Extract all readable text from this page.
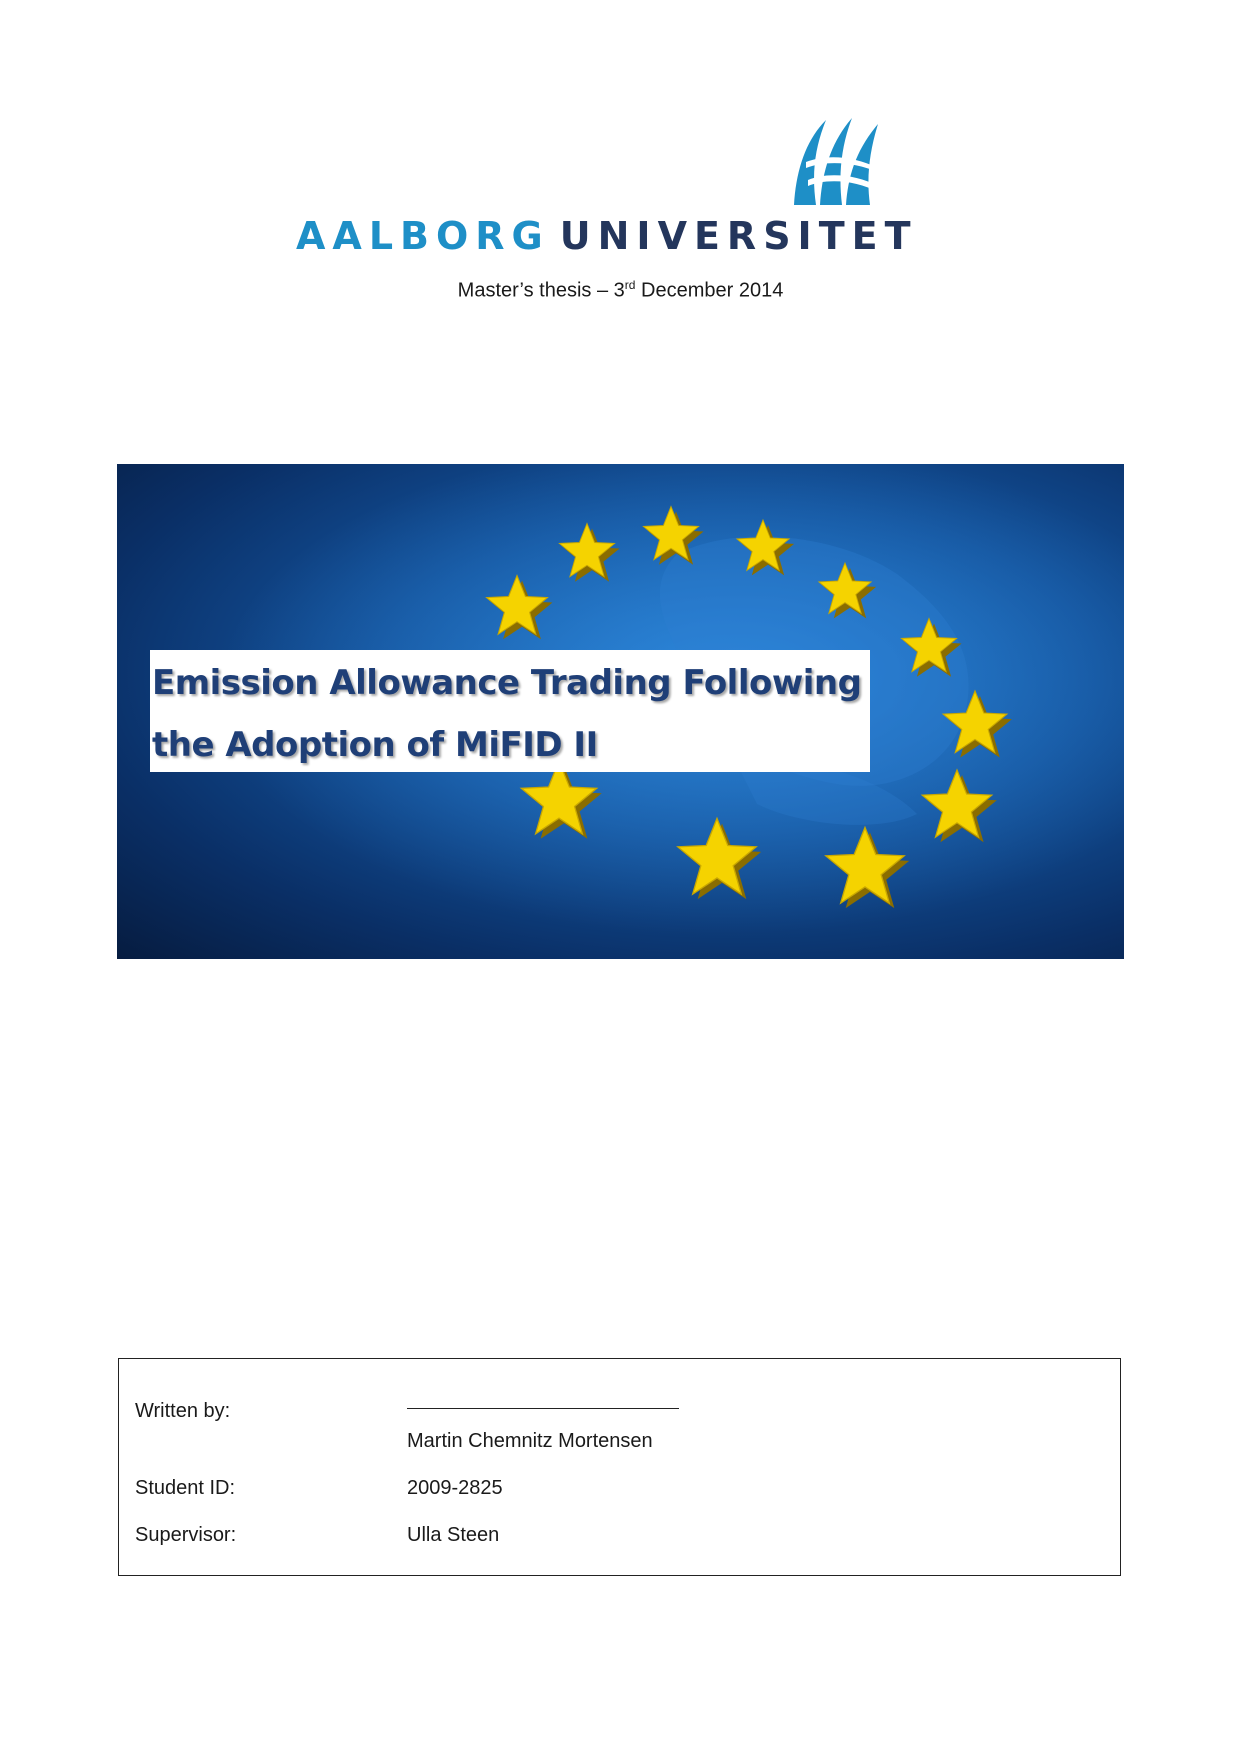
AALBORG UNIVERSITET
Master’s thesis – 3rd December 2014
Emission Allowance Trading Following
the Adoption of MiFID II
Written by:
Martin Chemnitz Mortensen
Student ID:	2009-2825
Supervisor:	Ulla Steen
